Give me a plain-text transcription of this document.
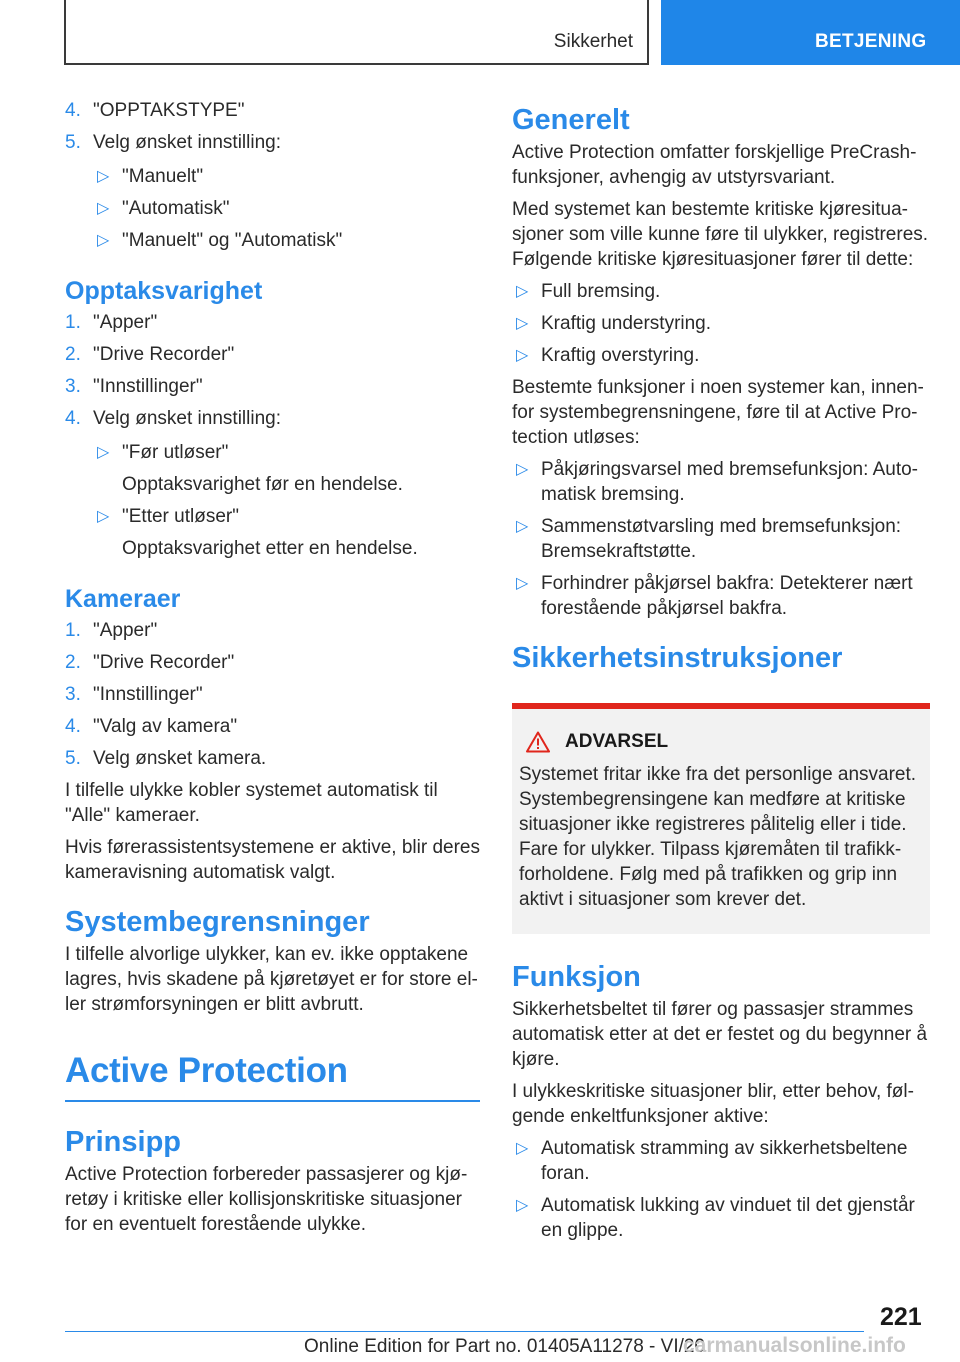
Sikkerhet	BETJENING
4. "OPPTAKSTYPE"
5. Velg ønsket innstilling:
▷ "Manuelt"
▷ "Automatisk"
▷ "Manuelt" og "Automatisk"
Opptaksvarighet
1. "Apper"
2. "Drive Recorder"
3. "Innstillinger"
4. Velg ønsket innstilling:
▷ "Før utløser"
Opptaksvarighet før en hendelse.
▷ "Etter utløser"
Opptaksvarighet etter en hendelse.
Kameraer
1. "Apper"
2. "Drive Recorder"
3. "Innstillinger"
4. "Valg av kamera"
5. Velg ønsket kamera.

I tilfelle ulykke kobler systemet automatisk til "Alle" kameraer.

Hvis førerassistentsystemene er aktive, blir deres kameravisning automatisk valgt.

Systembegrensninger

I tilfelle alvorlige ulykker, kan ev. ikke opptakene lagres, hvis skadene på kjøretøyet er for store el-ler strømforsyningen er blitt avbrutt.

Active Protection
Prinsipp

Active Protection forbereder passasjerer og kjø-retøy i kritiske eller kollisjonskritiske situasjoner for en eventuelt forestående ulykke.

Generelt

Active Protection omfatter forskjellige PreCrash-funksjoner, avhengig av utstyrsvariant.

Med systemet kan bestemte kritiske kjøresitua-sjoner som ville kunne føre til ulykker, registreres. Følgende kritiske kjøresituasjoner fører til dette:

▷ Full bremsing.
▷ Kraftig understyring.
▷ Kraftig overstyring.

Bestemte funksjoner i noen systemer kan, innen-for systembegrensningene, føre til at Active Pro-tection utløses:

▷ Påkjøringsvarsel med bremsefunksjon: Auto-matisk bremsing.
▷ Sammenstøtvarsling med bremsefunksjon: Bremsekraftstøtte.
▷ Forhindrer påkjørsel bakfra: Detekterer nært forestående påkjørsel bakfra.
Sikkerhetsinstruksjoner
ADVARSEL

Systemet fritar ikke fra det personlige ansvaret. Systembegrensingene kan medføre at kritiske situasjoner ikke registreres pålitelig eller i tide. Fare for ulykker. Tilpass kjøremåten til trafikk-forholdene. Følg med på trafikken og grip inn aktivt i situasjoner som krever det.

Funksjon

Sikkerhetsbeltet til fører og passasjer strammes automatisk etter at det er festet og du begynner å kjøre.

I ulykkeskritiske situasjoner blir, etter behov, føl-gende enkeltfunksjoner aktive:

▷ Automatisk stramming av sikkerhetsbeltene foran.
▷ Automatisk lukking av vinduet til det gjenstår en glippe.
221
Online Edition for Part no. 01405A11278 - VI/20
carmanualsonline.info
